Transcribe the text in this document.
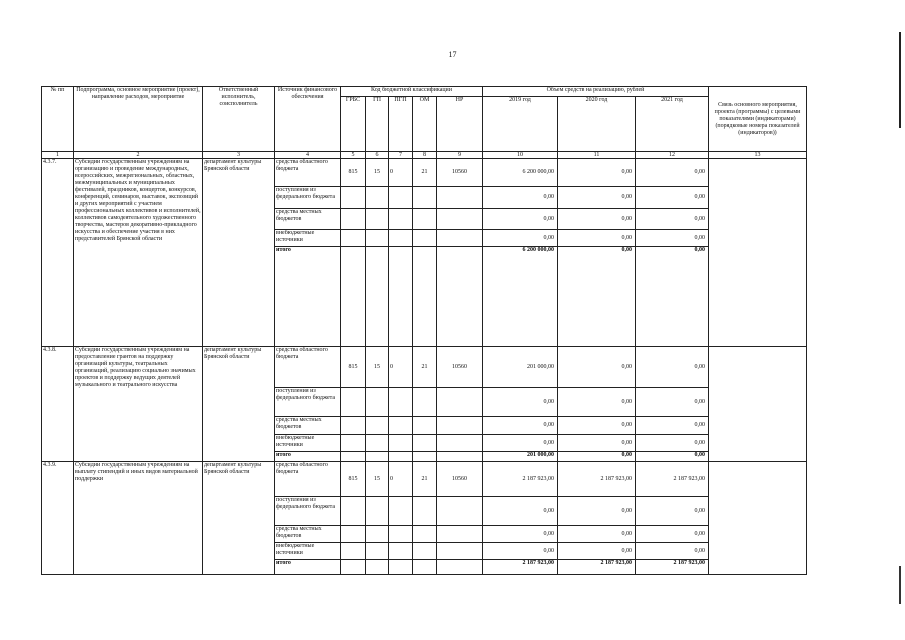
17
№ пп	Подпрограмма, основное мероприятие (проект), направление расходов, мероприятие	Ответственный исполнитель, соисполнитель	Источник финансового обеспечения	Код бюджетной классификации					Объем средств на реализацию, рублей			Связь основного мероприятия, проекта (программы) с целевыми показателями (индикаторами) (порядковые номера показателей (индикаторов))
				ГРБС	ГП	ПГП	ОМ	НР	2019 год	2020 год	2021 год	
1	2	3	4	5	6	7	8	9	10	11	12	13
4.3.7.	Субсидии государственным учреждениям на организацию и проведение международных, всероссийских, межрегиональных, областных, межмуниципальных и муниципальных фестивалей, праздников, концертов, конкурсов, конференций, семинаров, выставок, экспозиций и других мероприятий с участием профессиональных коллективов и исполнителей, коллективов самодеятельного художественного творчества, мастеров декоративно-прикладного искусства и обеспечение участия в них представителей Брянской области	департамент культуры Брянской области	средства областного бюджета	815	15	0	21	10560	6 200 000,00	0,00	0,00	
			поступления из федерального бюджета						0,00	0,00	0,00	
			средства местных бюджетов						0,00	0,00	0,00	
			внебюджетные источники						0,00	0,00	0,00	
			итого						6 200 000,00	0,00	0,00	
4.3.8.	Субсидии государственным учреждениям на предоставление грантов на поддержку организаций культуры, театральных организаций, реализацию социально значимых проектов и поддержку ведущих деятелей музыкального и театрального искусства	департамент культуры Брянской области	средства областного бюджета	815	15	0	21	10560	201 000,00	0,00	0,00	
			поступления из федерального бюджета						0,00	0,00	0,00	
			средства местных бюджетов						0,00	0,00	0,00	
			внебюджетные источники						0,00	0,00	0,00	
			итого						201 000,00	0,00	0,00	
4.3.9.	Субсидии государственным учреждениям на выплату стипендий и иных видов материальной поддержки	департамент культуры Брянской области	средства областного бюджета	815	15	0	21	10560	2 187 923,00	2 187 923,00	2 187 923,00	
			поступления из федерального бюджета						0,00	0,00	0,00	
			средства местных бюджетов						0,00	0,00	0,00	
			внебюджетные источники						0,00	0,00	0,00	
			итого						2 187 923,00	2 187 923,00	2 187 923,00	
